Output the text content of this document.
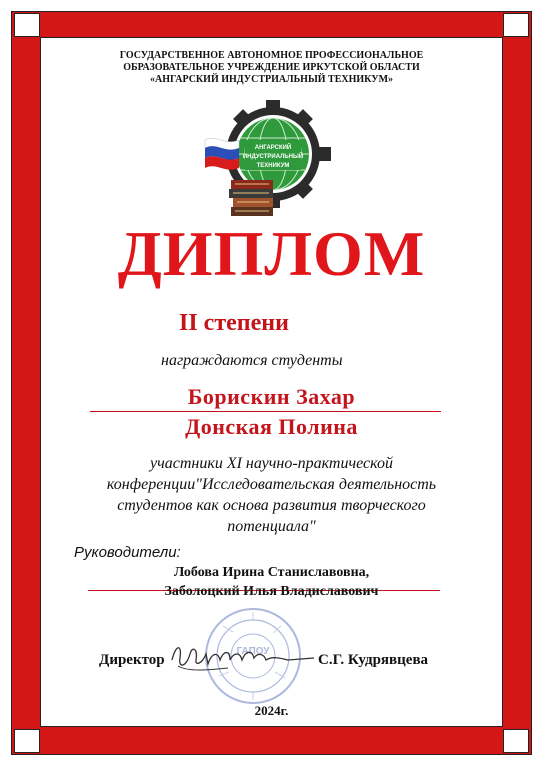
ГОСУДАРСТВЕННОЕ АВТОНОМНОЕ ПРОФЕССИОНАЛЬНОЕ
ОБРАЗОВАТЕЛЬНОЕ УЧРЕЖДЕНИЕ ИРКУТСКОЙ ОБЛАСТИ
«АНГАРСКИЙ ИНДУСТРИАЛЬНЫЙ ТЕХНИКУМ»
АНГАРСКИЙ
ИНДУСТРИАЛЬНЫЙ
ТЕХНИКУМ
ДИПЛОМ
II степени
награждаются студенты
Борискин Захар
Донская Полина
участники XI научно-практической
конференции"Исследовательская деятельность
студентов как основа развития творческого
потенциала"
Руководители:
Лобова Ирина Станиславовна,
Заболоцкий Илья Владиславович
ГАПОУ
Директор	С.Г. Кудрявцева
2024г.
